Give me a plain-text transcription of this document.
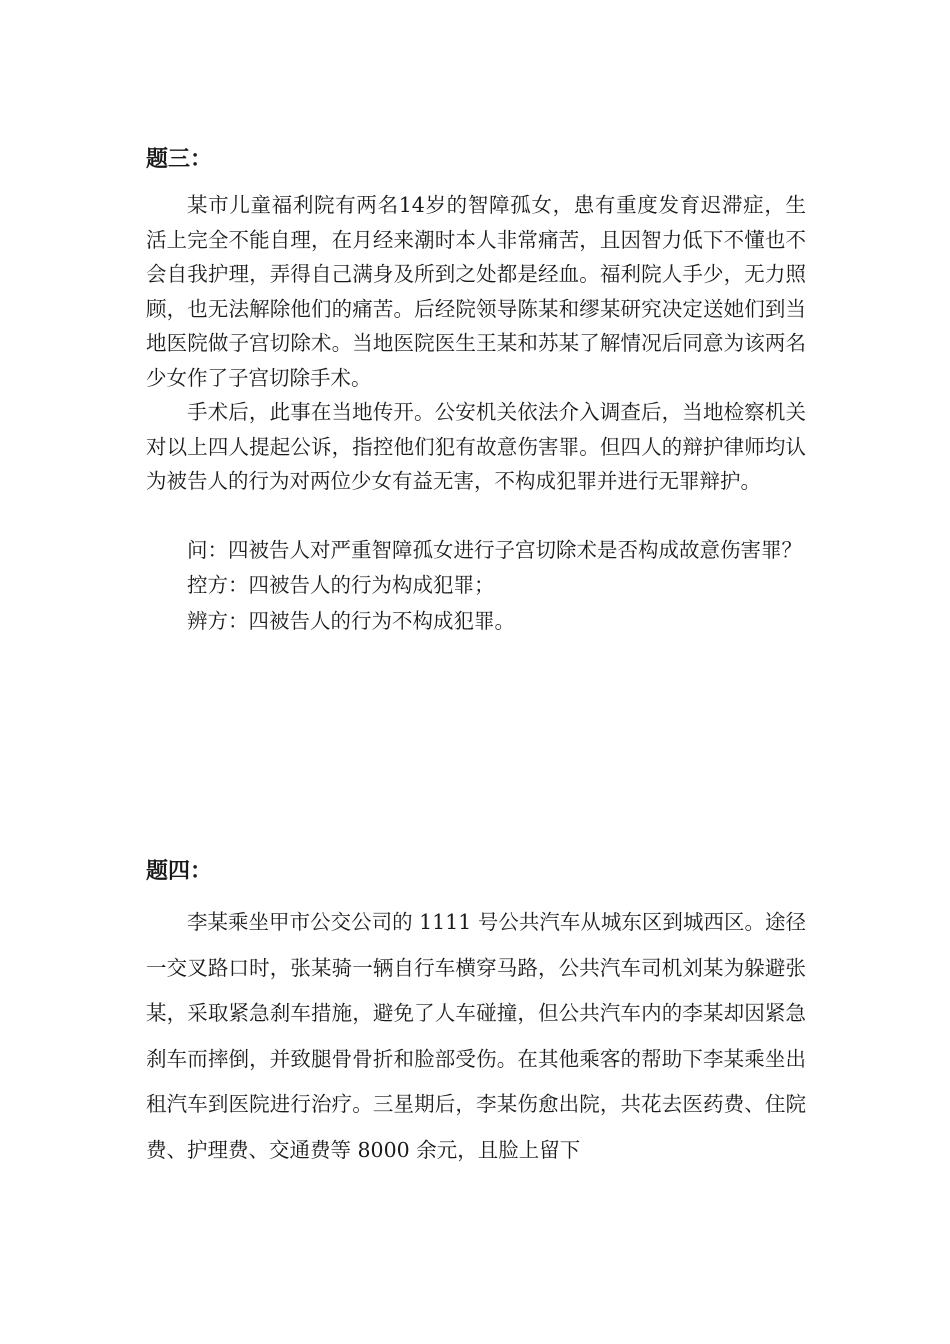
题三：

某市儿童福利院有两名14岁的智障孤女，患有重度发育迟滞症，生活上完全不能自理，在月经来潮时本人非常痛苦，且因智力低下不懂也不会自我护理，弄得自己满身及所到之处都是经血。福利院人手少，无力照顾，也无法解除他们的痛苦。后经院领导陈某和缪某研究决定送她们到当地医院做子宫切除术。当地医院医生王某和苏某了解情况后同意为该两名少女作了子宫切除手术。

手术后，此事在当地传开。公安机关依法介入调查后，当地检察机关对以上四人提起公诉，指控他们犯有故意伤害罪。但四人的辩护律师均认为被告人的行为对两位少女有益无害，不构成犯罪并进行无罪辩护。

问：四被告人对严重智障孤女进行子宫切除术是否构成故意伤害罪？

控方：四被告人的行为构成犯罪；

辨方：四被告人的行为不构成犯罪。

题四：

李某乘坐甲市公交公司的 1111 号公共汽车从城东区到城西区。途径一交叉路口时，张某骑一辆自行车横穿马路，公共汽车司机刘某为躲避张某，采取紧急刹车措施，避免了人车碰撞，但公共汽车内的李某却因紧急刹车而摔倒，并致腿骨骨折和脸部受伤。在其他乘客的帮助下李某乘坐出租汽车到医院进行治疗。三星期后，李某伤愈出院，共花去医药费、住院费、护理费、交通费等 8000 余元，且脸上留下
